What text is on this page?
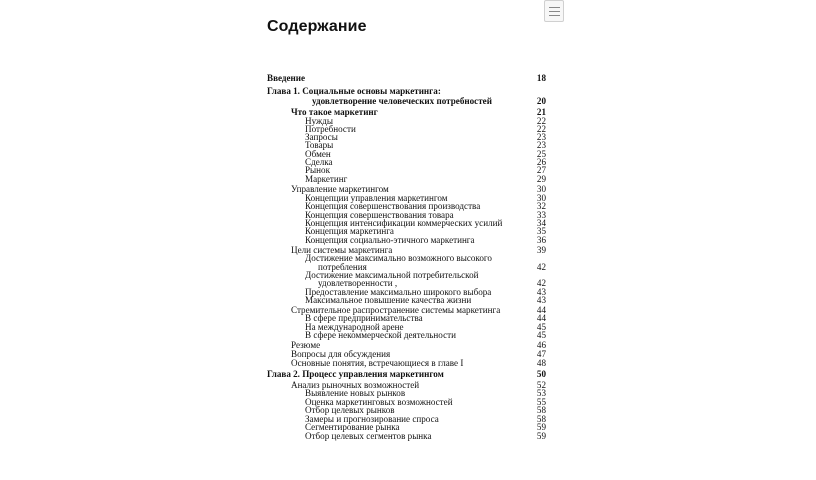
Содержание
Введение	18
Глава 1. Социальные основы маркетинга:
удовлетворение человеческих потребностей	20
Что такое маркетинг	21
Нужды	22
Потребности	22
Запросы	23
Товары	23
Обмен	25
Сделка	26
Рынок	27
Маркетинг	29
Управление маркетингом	30
Концепции управления маркетингом	30
Концепция совершенствования производства	32
Концепция совершенствования товара	33
Концепция интенсификации коммерческих усилий	34
Концепция маркетинга	35
Концепция социально-этичного маркетинга	36
Цели системы маркетинга	39
Достижение максимально возможного высокого
потребления	42
Достижение максимальной потребительской
удовлетворенности ,	42
Предоставление максимально широкого выбора	43
Максимальное повышение качества жизни	43
Стремительное распространение системы маркетинга	44
В сфере предпринимательства	44
На международной арене	45
В сфере некоммерческой деятельности	45
Резюме	46
Вопросы для обсуждения	47
Основные понятия, встречающиеся в главе I	48
Глава 2. Процесс управления маркетингом	50
Анализ рыночных возможностей	52
Выявление новых рынков	53
Оценка маркетинговых возможностей	55
Отбор целевых рынков	58
Замеры и прогнозирование спроса	58
Сегментирование рынка	59
Отбор целевых сегментов рынка	59
